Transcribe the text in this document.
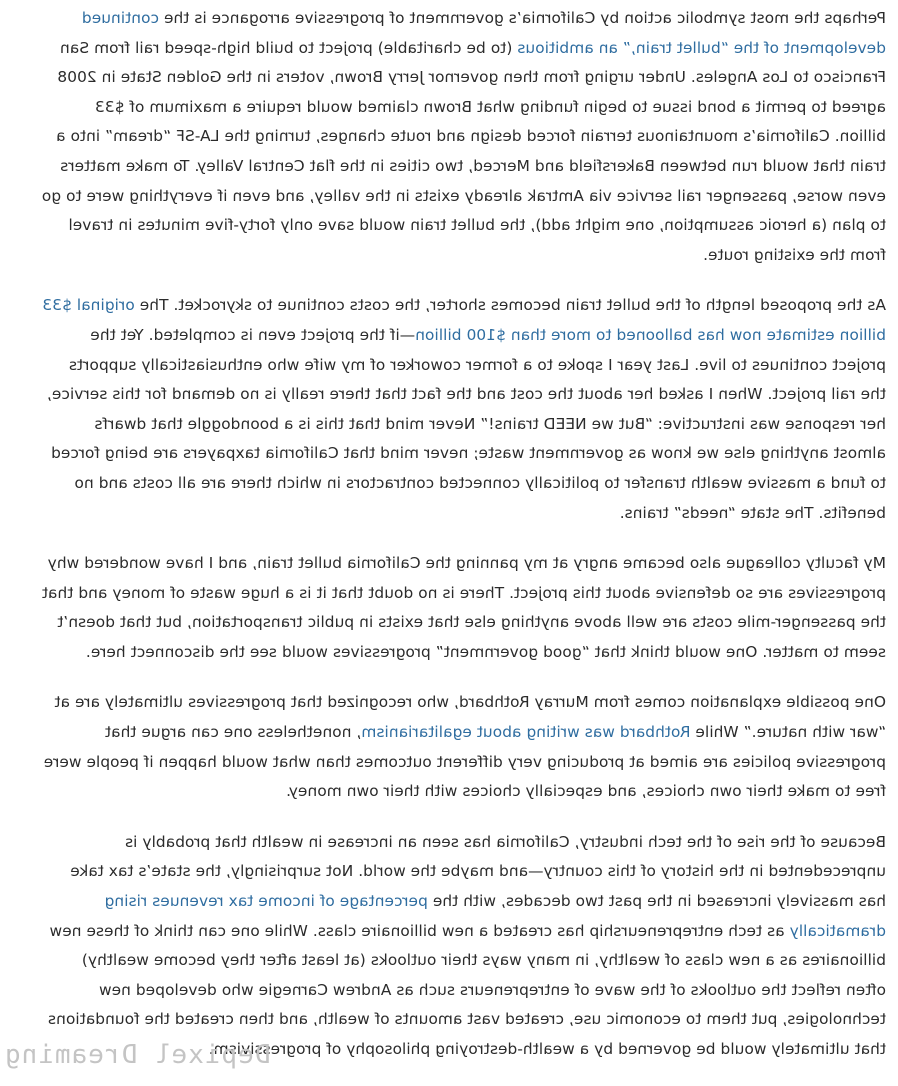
Perhaps the most symbolic action by California’s government of progressive arrogance is the continued development of the “bullet train,” an ambitious (to be charitable) project to build high-speed rail from San Francisco to Los Angeles. Under urging from then governor Jerry Brown, voters in the Golden State in 2008 agreed to permit a bond issue to begin funding what Brown claimed would require a maximum of $33 billion. California’s mountainous terrain forced design and route changes, turning the LA-SF “dream” into a train that would run between Bakersfield and Merced, two cities in the flat Central Valley. To make matters even worse, passenger rail service via Amtrak already exists in the valley, and even if everything were to go to plan (a heroic assumption, one might add), the bullet train would save only forty-five minutes in travel from the existing route.

As the proposed length of the bullet train becomes shorter, the costs continue to skyrocket. The original $33 billion estimate now has ballooned to more than $100 billion—if the project even is completed. Yet the project continues to live. Last year I spoke to a former coworker of my wife who enthusiastically supports the rail project. When I asked her about the cost and the fact that there really is no demand for this service, her response was instructive: “But we NEED trains!” Never mind that this is a boondoggle that dwarfs almost anything else we know as government waste; never mind that California taxpayers are being forced to fund a massive wealth transfer to politically connected contractors in which there are all costs and no benefits. The state “needs” trains.

My faculty colleague also became angry at my panning the California bullet train, and I have wondered why progressives are so defensive about this project. There is no doubt that it is a huge waste of money and that the passenger-mile costs are well above anything else that exists in public transportation, but that doesn’t seem to matter. One would think that “good government” progressives would see the disconnect here.

One possible explanation comes from Murray Rothbard, who recognized that progressives ultimately are at “war with nature.” While Rothbard was writing about egalitarianism, nonetheless one can argue that progressive policies are aimed at producing very different outcomes than what would happen if people were free to make their own choices, and especially choices with their own money.

Because of the rise of the tech industry, California has seen an increase in wealth that probably is unprecedented in the history of this country—and maybe the world. Not surprisingly, the state’s tax take has massively increased in the past two decades, with the percentage of income tax revenues rising dramatically as tech entrepreneurship has created a new billionaire class. While one can think of these new billionaires as a new class of wealthy, in many ways their outlooks (at least after they become wealthy) often reflect the outlooks of the wave of entrepreneurs such as Andrew Carnegie who developed new technologies, put them to economic use, created vast amounts of wealth, and then created the foundations that ultimately would be governed by a wealth-destroying philosophy of progressivism.

Depixel Dreaming
